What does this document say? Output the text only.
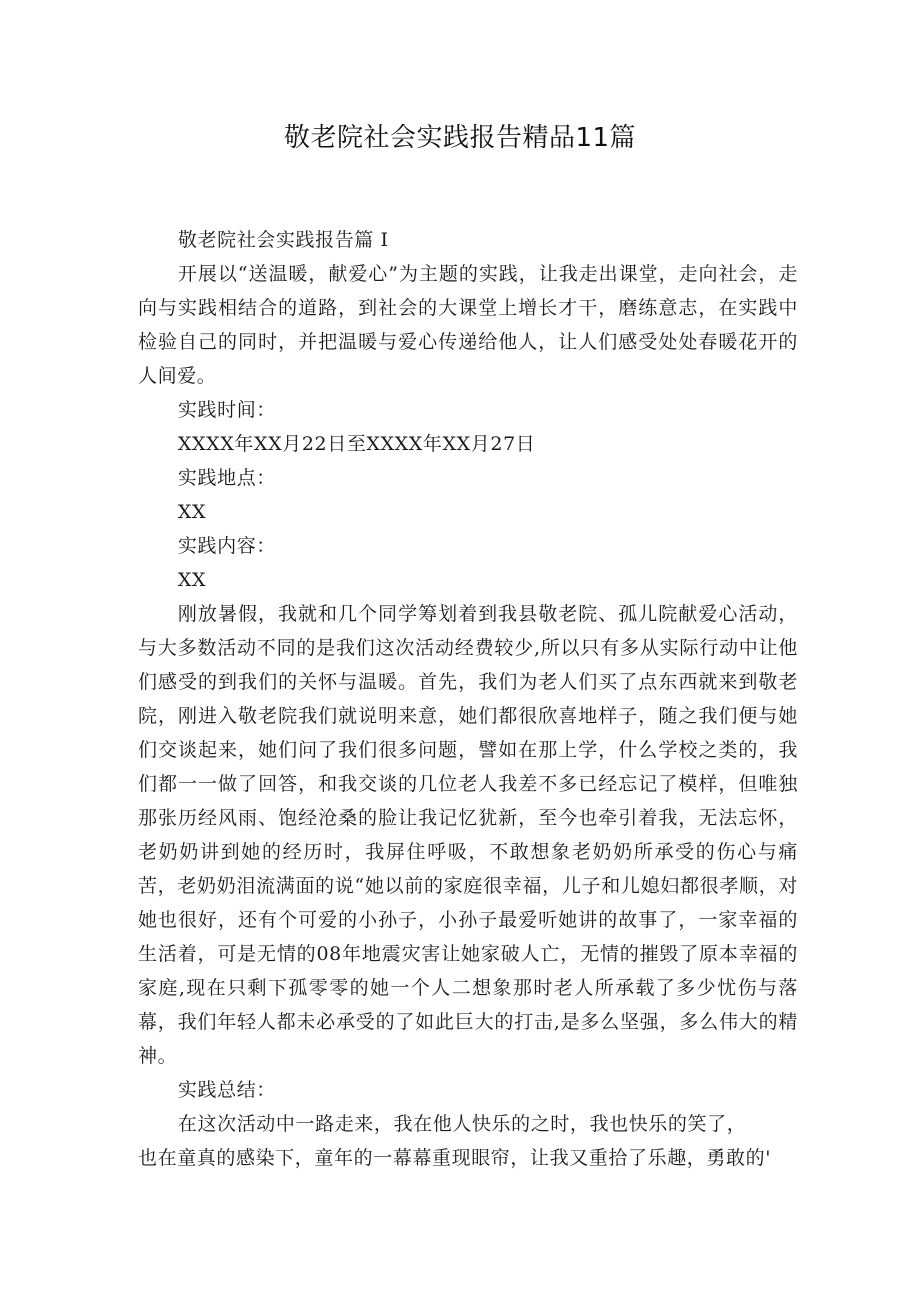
敬老院社会实践报告精品11篇

敬老院社会实践报告篇 I

开展以“送温暖，献爱心”为主题的实践，让我走出课堂，走向社会，走向与实践相结合的道路，到社会的大课堂上增长才干，磨练意志，在实践中检验自己的同时，并把温暖与爱心传递给他人，让人们感受处处春暖花开的人间爱。

实践时间：

XXXX年XX月22日至XXXX年XX月27日

实践地点：

XX

实践内容：

XX

刚放暑假，我就和几个同学筹划着到我县敬老院、孤儿院献爱心活动，与大多数活动不同的是我们这次活动经费较少,所以只有多从实际行动中让他们感受的到我们的关怀与温暖。首先，我们为老人们买了点东西就来到敬老院，刚进入敬老院我们就说明来意，她们都很欣喜地样子，随之我们便与她们交谈起来，她们问了我们很多问题，譬如在那上学，什么学校之类的，我们都一一做了回答，和我交谈的几位老人我差不多已经忘记了模样，但唯独那张历经风雨、饱经沧桑的脸让我记忆犹新，至今也牵引着我，无法忘怀，老奶奶讲到她的经历时，我屏住呼吸，不敢想象老奶奶所承受的伤心与痛苦，老奶奶泪流满面的说“她以前的家庭很幸福，儿子和儿媳妇都很孝顺，对她也很好，还有个可爱的小孙子，小孙子最爱听她讲的故事了，一家幸福的生活着，可是无情的08年地震灾害让她家破人亡，无情的摧毁了原本幸福的家庭,现在只剩下孤零零的她一个人二想象那时老人所承载了多少忧伤与落幕，我们年轻人都未必承受的了如此巨大的打击,是多么坚强，多么伟大的精神。

实践总结：

在这次活动中一路走来，我在他人快乐的之时，我也快乐的笑了，

也在童真的感染下，童年的一幕幕重现眼帘，让我又重拾了乐趣，勇敢的'
